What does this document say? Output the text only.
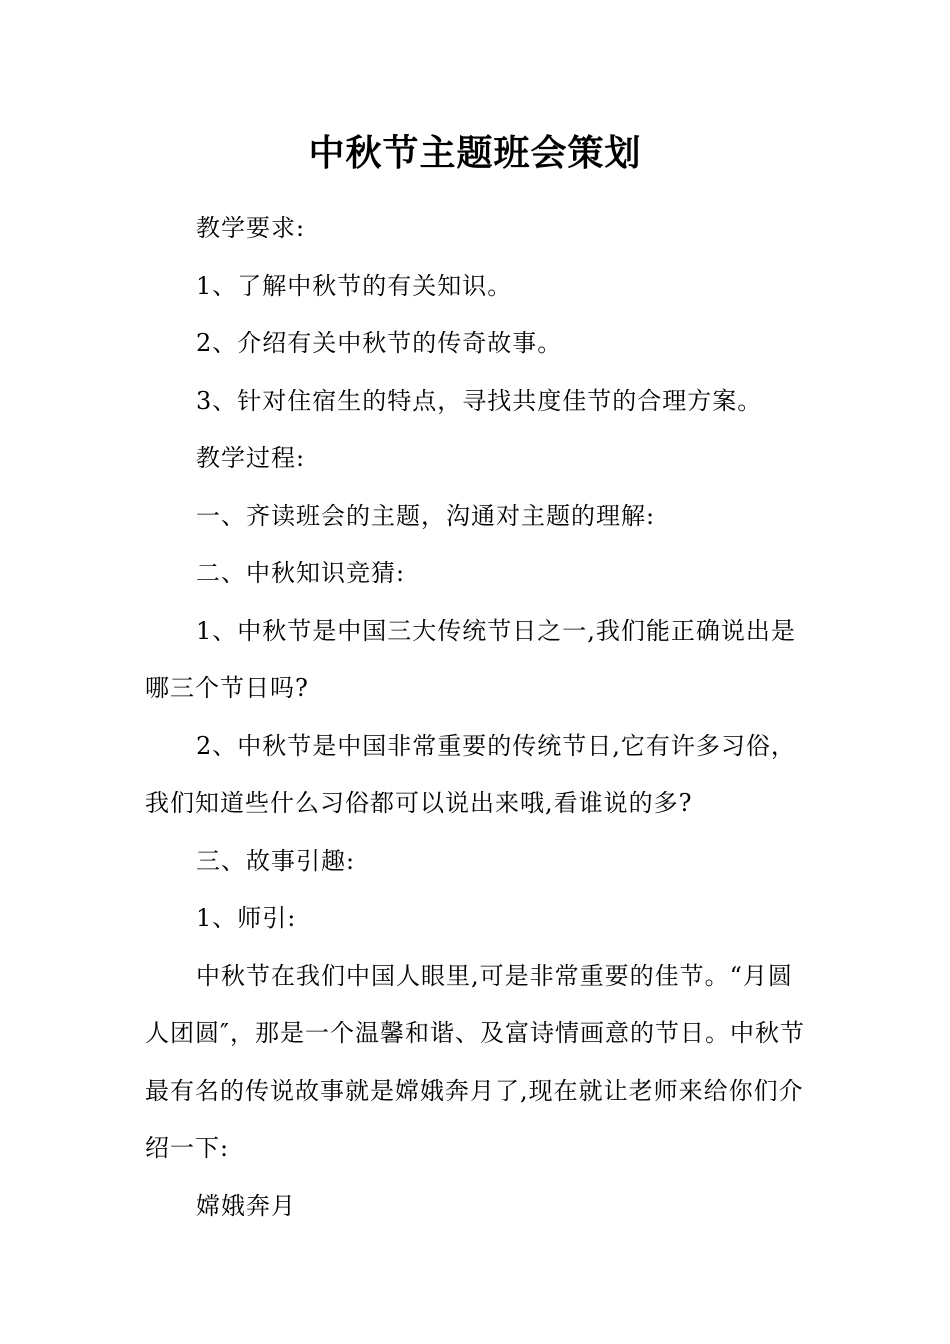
中秋节主题班会策划

教学要求:

1、了解中秋节的有关知识。

2、介绍有关中秋节的传奇故事。

3、针对住宿生的特点，寻找共度佳节的合理方案。

教学过程:

一、齐读班会的主题，沟通对主题的理解:

二、中秋知识竞猜:

1、中秋节是中国三大传统节日之一,我们能正确说出是哪三个节日吗?

2、中秋节是中国非常重要的传统节日,它有许多习俗，我们知道些什么习俗都可以说出来哦,看谁说的多?

三、故事引趣:

1、师引:

中秋节在我们中国人眼里,可是非常重要的佳节。“月圆人团圆″，那是一个温馨和谐、及富诗情画意的节日。中秋节最有名的传说故事就是嫦娥奔月了,现在就让老师来给你们介绍一下:

嫦娥奔月
